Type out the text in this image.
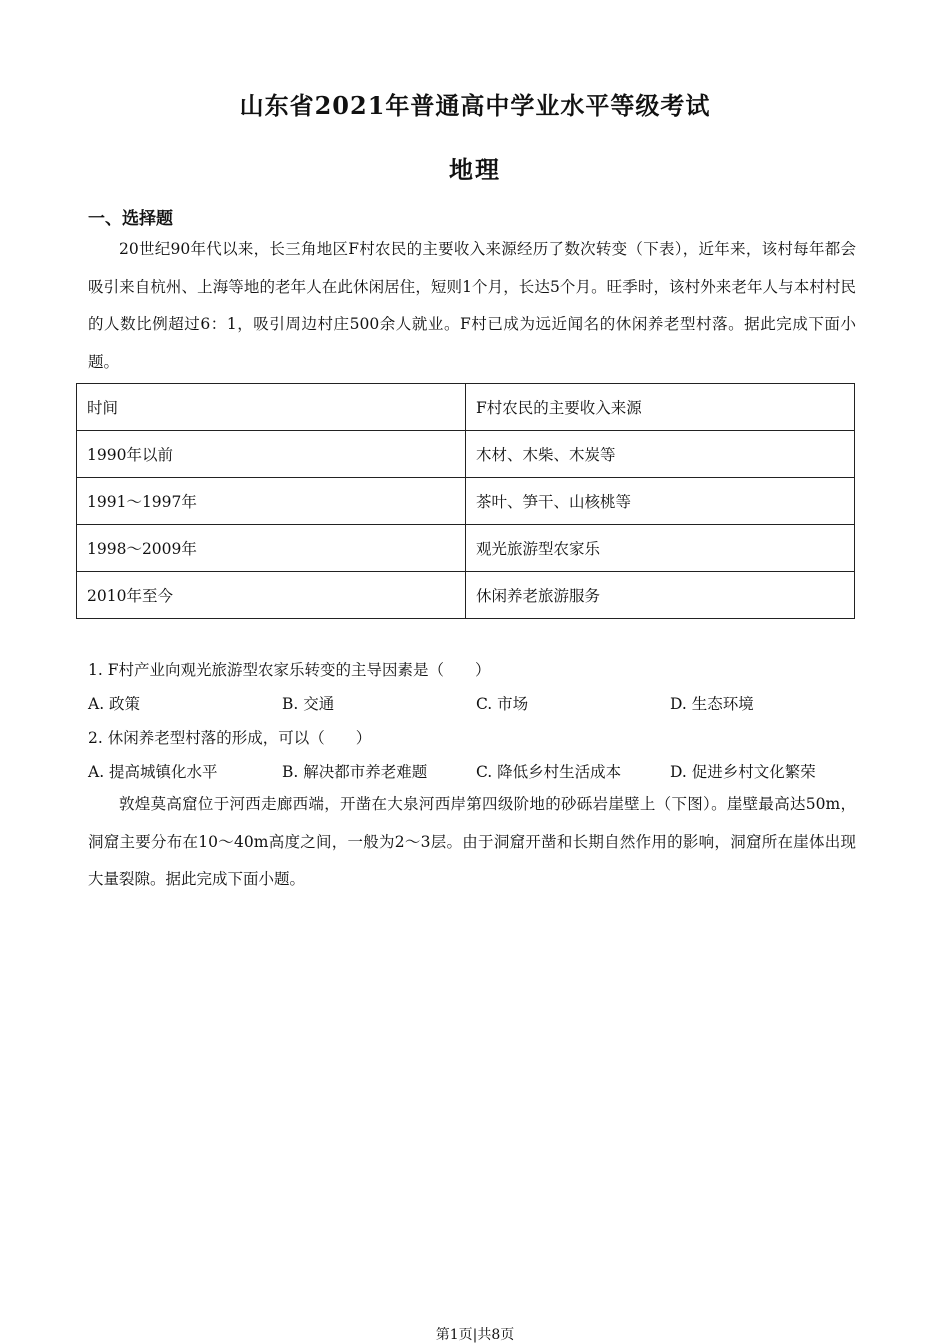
山东省2021年普通高中学业水平等级考试
地理
一、选择题
20世纪90年代以来，长三角地区F村农民的主要收入来源经历了数次转变（下表），近年来，该村每年都会吸引来自杭州、上海等地的老年人在此休闲居住，短则1个月，长达5个月。旺季时，该村外来老年人与本村村民的人数比例超过6：1，吸引周边村庄500余人就业。F村已成为远近闻名的休闲养老型村落。据此完成下面小题。
时间	F村农民的主要收入来源
1990年以前	木材、木柴、木炭等
1991～1997年	茶叶、笋干、山核桃等
1998～2009年	观光旅游型农家乐
2010年至今	休闲养老旅游服务
1. F村产业向观光旅游型农家乐转变的主导因素是（　　）
A. 政策	B. 交通	C. 市场	D. 生态环境
2. 休闲养老型村落的形成，可以（　　）
A. 提高城镇化水平	B. 解决都市养老难题	C. 降低乡村生活成本	D. 促进乡村文化繁荣
敦煌莫高窟位于河西走廊西端，开凿在大泉河西岸第四级阶地的砂砾岩崖壁上（下图）。崖壁最高达50m，洞窟主要分布在10～40m高度之间，一般为2～3层。由于洞窟开凿和长期自然作用的影响，洞窟所在崖体出现大量裂隙。据此完成下面小题。
第1页|共8页
